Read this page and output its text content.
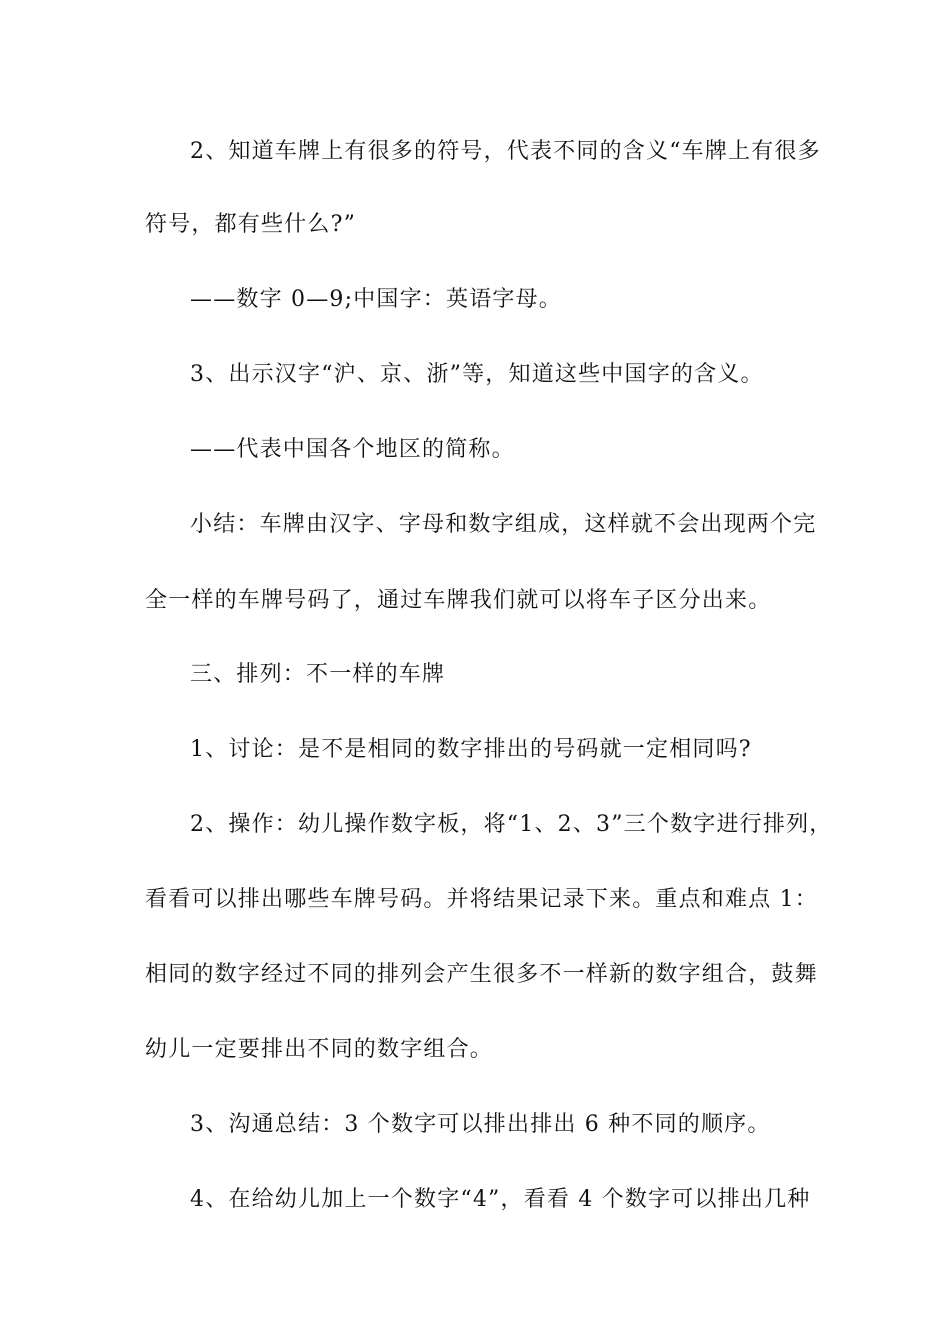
2、知道车牌上有很多的符号，代表不同的含义“车牌上有很多
符号，都有些什么?”
——数字 0—9;中国字：英语字母。
3、出示汉字“沪、京、浙”等，知道这些中国字的含义。
——代表中国各个地区的简称。
小结：车牌由汉字、字母和数字组成，这样就不会出现两个完
全一样的车牌号码了，通过车牌我们就可以将车子区分出来。
三、排列：不一样的车牌
1、讨论：是不是相同的数字排出的号码就一定相同吗?
2、操作：幼儿操作数字板，将“1、2、3”三个数字进行排列，
看看可以排出哪些车牌号码。并将结果记录下来。重点和难点 1：
相同的数字经过不同的排列会产生很多不一样新的数字组合，鼓舞
幼儿一定要排出不同的数字组合。
3、沟通总结：3 个数字可以排出排出 6 种不同的顺序。
4、在给幼儿加上一个数字“4”，看看 4 个数字可以排出几种
